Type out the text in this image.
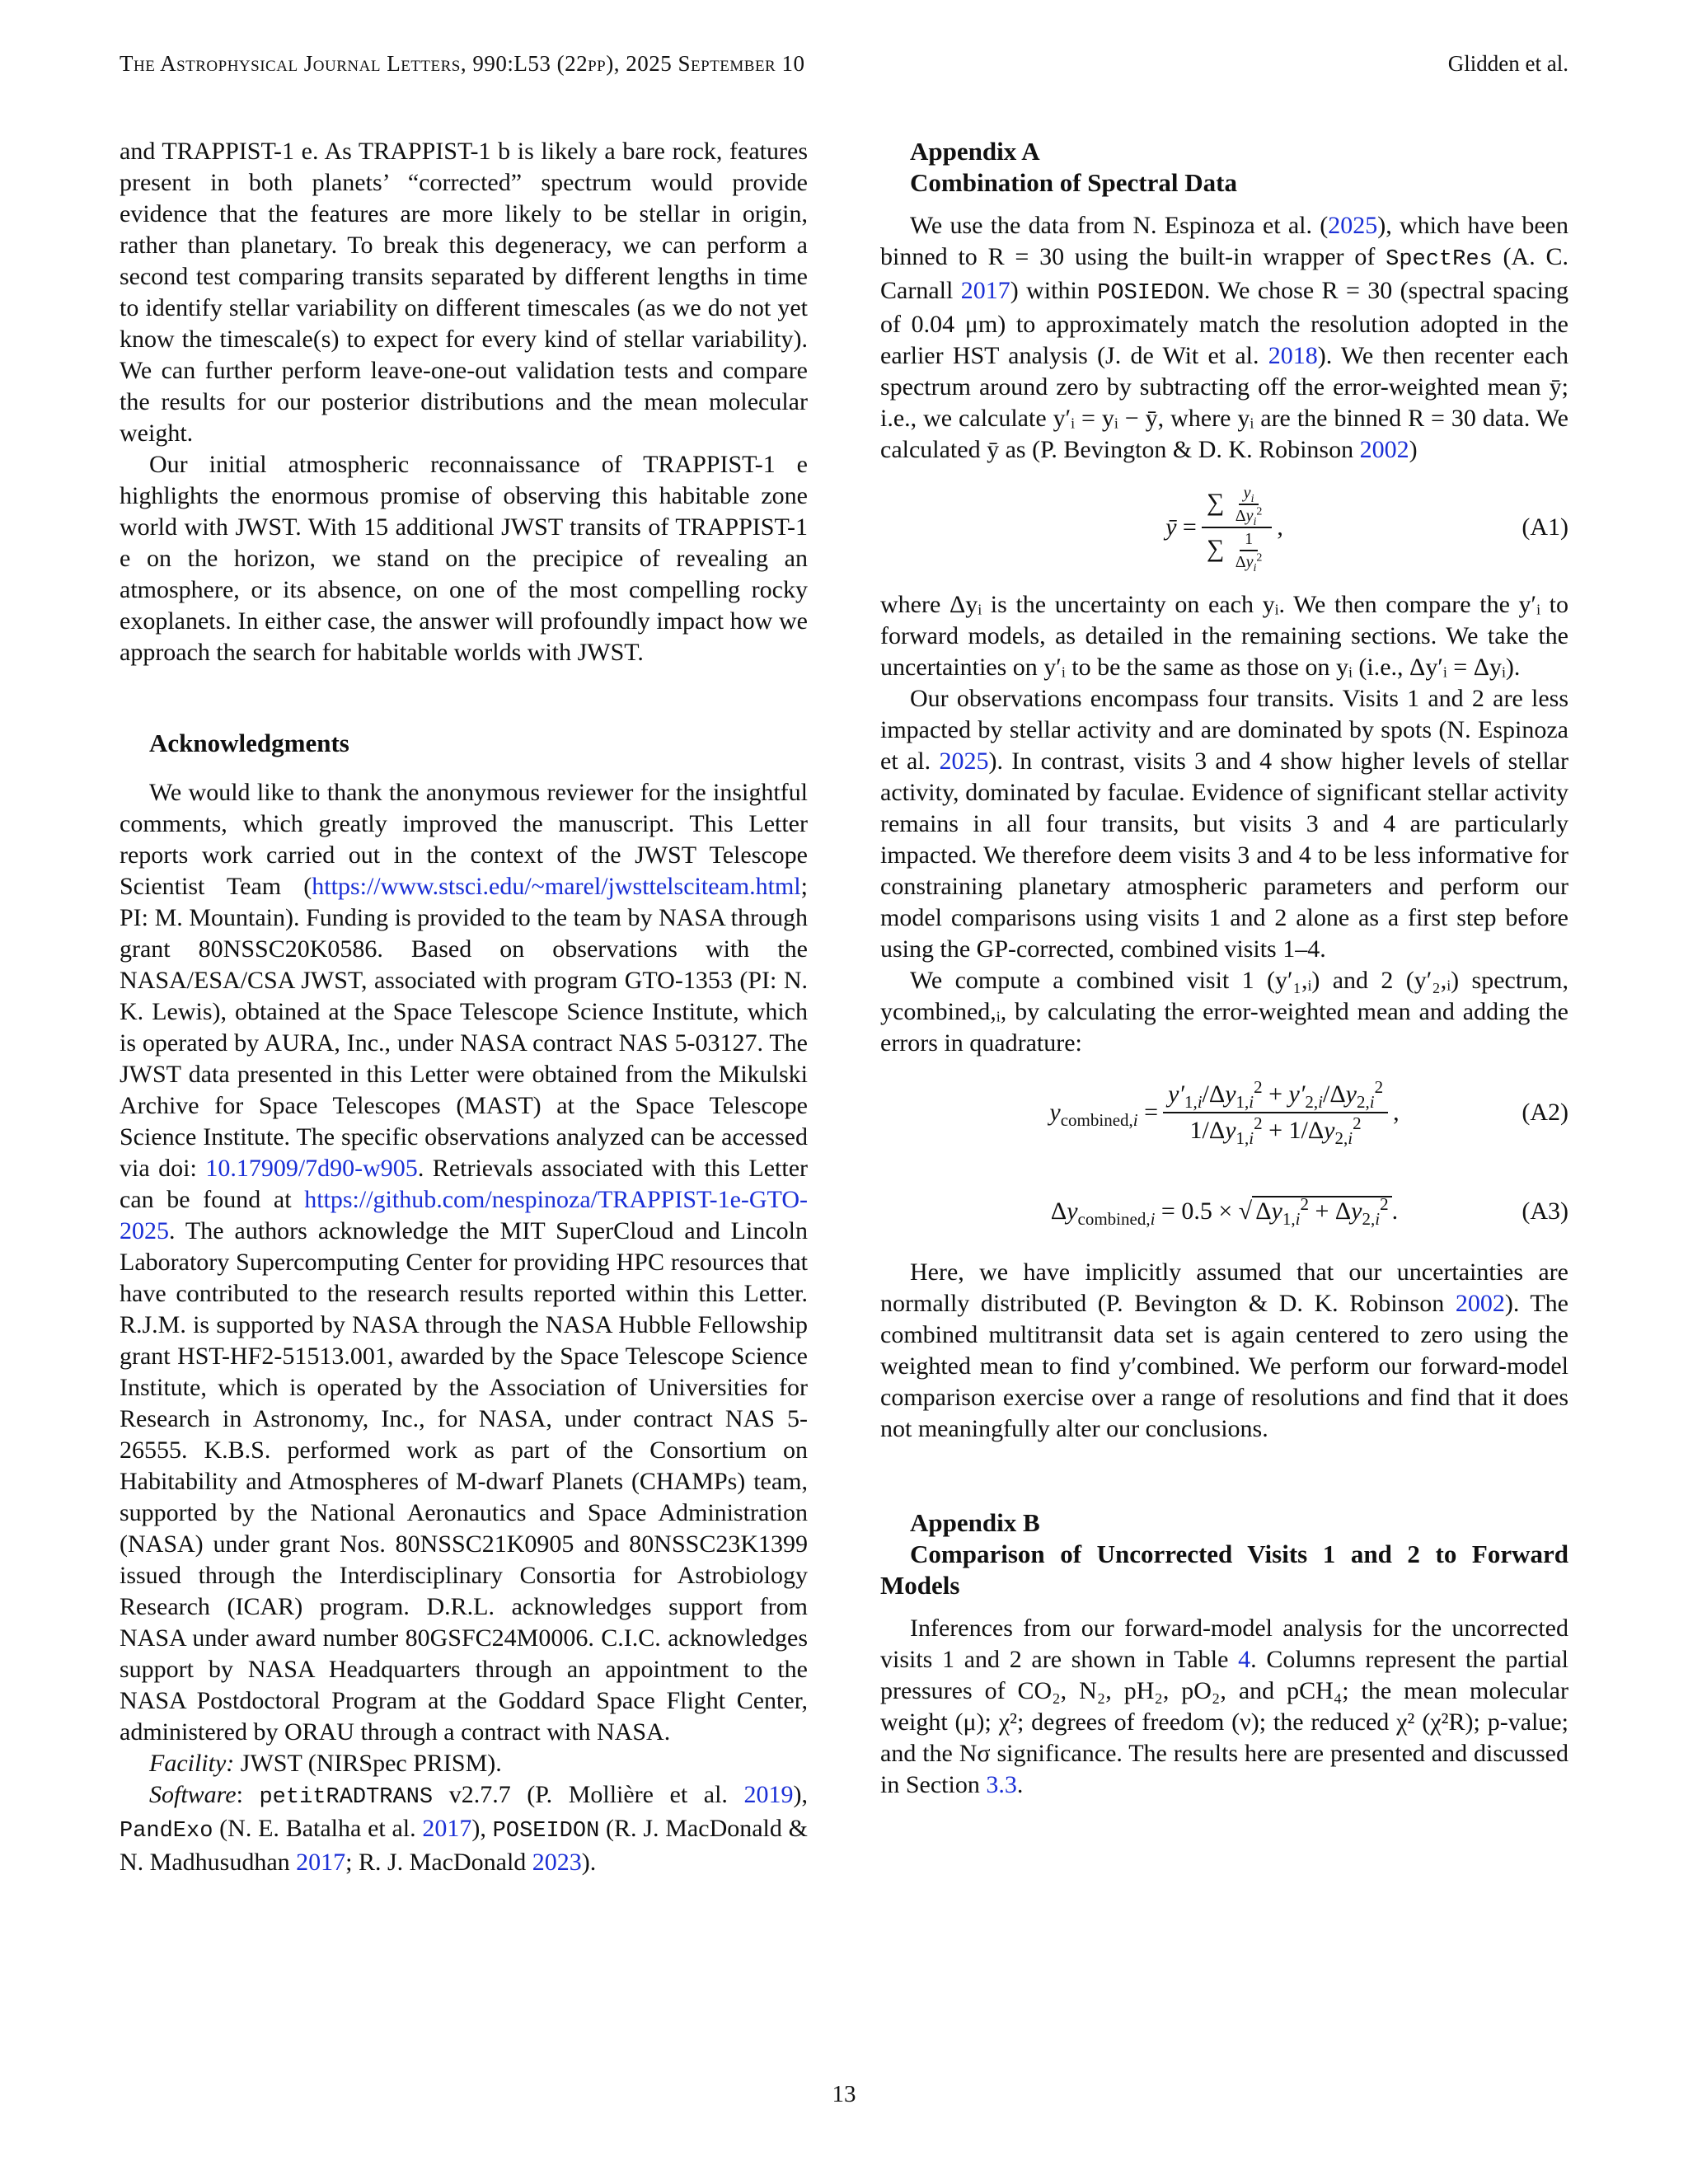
The Astrophysical Journal Letters, 990:L53 (22pp), 2025 September 10	Glidden et al.

and TRAPPIST-1 e. As TRAPPIST-1 b is likely a bare rock, features present in both planets’ “corrected” spectrum would provide evidence that the features are more likely to be stellar in origin, rather than planetary. To break this degeneracy, we can perform a second test comparing transits separated by different lengths in time to identify stellar variability on different timescales (as we do not yet know the timescale(s) to expect for every kind of stellar variability). We can further perform leave-one-out validation tests and compare the results for our posterior distributions and the mean molecular weight.

Our initial atmospheric reconnaissance of TRAPPIST-1 e highlights the enormous promise of observing this habitable zone world with JWST. With 15 additional JWST transits of TRAPPIST-1 e on the horizon, we stand on the precipice of revealing an atmosphere, or its absence, on one of the most compelling rocky exoplanets. In either case, the answer will profoundly impact how we approach the search for habitable worlds with JWST.

Acknowledgments

We would like to thank the anonymous reviewer for the insightful comments, which greatly improved the manuscript. This Letter reports work carried out in the context of the JWST Telescope Scientist Team (https://www.stsci.edu/~marel/jwsttelsciteam.html; PI: M. Mountain). Funding is provided to the team by NASA through grant 80NSSC20K0586. Based on observations with the NASA/ESA/CSA JWST, associated with program GTO-1353 (PI: N. K. Lewis), obtained at the Space Telescope Science Institute, which is operated by AURA, Inc., under NASA contract NAS 5-03127. The JWST data presented in this Letter were obtained from the Mikulski Archive for Space Telescopes (MAST) at the Space Telescope Science Institute. The specific observations analyzed can be accessed via doi: 10.17909/7d90-w905. Retrievals associated with this Letter can be found at https://github.com/nespinoza/TRAPPIST-1e-GTO-2025. The authors acknowledge the MIT SuperCloud and Lincoln Laboratory Supercomputing Center for providing HPC resources that have contributed to the research results reported within this Letter. R.J.M. is supported by NASA through the NASA Hubble Fellowship grant HST-HF2-51513.001, awarded by the Space Telescope Science Institute, which is operated by the Association of Universities for Research in Astronomy, Inc., for NASA, under contract NAS 5-26555. K.B.S. performed work as part of the Consortium on Habitability and Atmospheres of M-dwarf Planets (CHAMPs) team, supported by the National Aeronautics and Space Administration (NASA) under grant Nos. 80NSSC21K0905 and 80NSSC23K1399 issued through the Interdisciplinary Consortia for Astrobiology Research (ICAR) program. D.R.L. acknowledges support from NASA under award number 80GSFC24M0006. C.I.C. acknowledges support by NASA Headquarters through an appointment to the NASA Postdoctoral Program at the Goddard Space Flight Center, administered by ORAU through a contract with NASA.

Facility: JWST (NIRSpec PRISM).

Software: petitRADTRANS v2.7.7 (P. Mollière et al. 2019), PandExo (N. E. Batalha et al. 2017), POSEIDON (R. J. MacDonald & N. Madhusudhan 2017; R. J. MacDonald 2023).

Appendix A

Combination of Spectral Data

We use the data from N. Espinoza et al. (2025), which have been binned to R = 30 using the built-in wrapper of SpectRes (A. C. Carnall 2017) within POSIEDON. We chose R = 30 (spectral spacing of 0.04 μm) to approximately match the resolution adopted in the earlier HST analysis (J. de Wit et al. 2018). We then recenter each spectrum around zero by subtracting off the error-weighted mean ȳ; i.e., we calculate y′ᵢ = yᵢ − ȳ, where yᵢ are the binned R = 30 data. We calculated ȳ as (P. Bevington & D. K. Robinson 2002)

ȳ = $\frac{\sum \frac{y_i}{\Delta y_i^2}}{\sum \frac{1}{\Delta y_i^2}}$ ,	(A1)

where Δyᵢ is the uncertainty on each yᵢ. We then compare the y′ᵢ to forward models, as detailed in the remaining sections. We take the uncertainties on y′ᵢ to be the same as those on yᵢ (i.e., Δy′ᵢ = Δyᵢ).

Our observations encompass four transits. Visits 1 and 2 are less impacted by stellar activity and are dominated by spots (N. Espinoza et al. 2025). In contrast, visits 3 and 4 show higher levels of stellar activity, dominated by faculae. Evidence of significant stellar activity remains in all four transits, but visits 3 and 4 are particularly impacted. We therefore deem visits 3 and 4 to be less informative for constraining planetary atmospheric parameters and perform our model comparisons using visits 1 and 2 alone as a first step before using the GP-corrected, combined visits 1–4.

We compute a combined visit 1 (y′₁,ᵢ) and 2 (y′₂,ᵢ) spectrum, ycombined,ᵢ, by calculating the error-weighted mean and adding the errors in quadrature:

$y_{combined,i} = \frac{y'_{1,i}/\Delta y_{1,i}^2 + y'_{2,i}/\Delta y_{2,i}^2}{1/\Delta y_{1,i}^2 + 1/\Delta y_{2,i}^2}$ ,	(A2)
$\Delta y_{combined,i} = 0.5$ × √ $\Delta y_{1,i}^2 + \Delta y_{2,i}^2$ .	(A3)

Here, we have implicitly assumed that our uncertainties are normally distributed (P. Bevington & D. K. Robinson 2002). The combined multitransit data set is again centered to zero using the weighted mean to find y′combined. We perform our forward-model comparison exercise over a range of resolutions and find that it does not meaningfully alter our conclusions.

Appendix B

Comparison of Uncorrected Visits 1 and 2 to Forward Models

Inferences from our forward-model analysis for the uncorrected visits 1 and 2 are shown in Table 4. Columns represent the partial pressures of CO₂, N₂, pH₂, pO₂, and pCH₄; the mean molecular weight (μ); χ²; degrees of freedom (ν); the reduced χ² (χ²R); p-value; and the Nσ significance. The results here are presented and discussed in Section 3.3.

13
